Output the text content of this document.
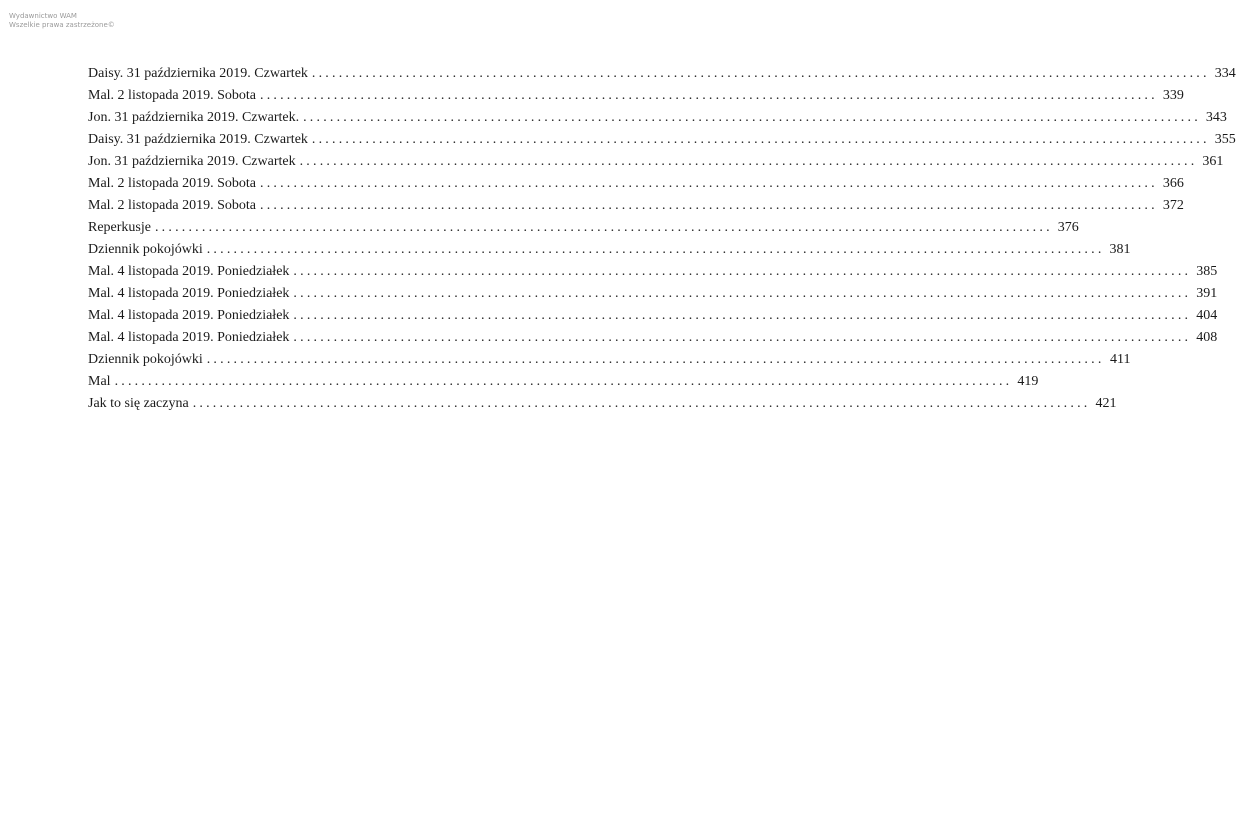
Wydawnictwo WAM
Wszelkie prawa zastrzeżone©
Daisy. 31 października 2019. Czwartek ...................................................................................................................................... 334
Mal. 2 listopada 2019. Sobota ...................................................................................................................................... 339
Jon. 31 października 2019. Czwartek. ...................................................................................................................................... 343
Daisy. 31 października 2019. Czwartek ...................................................................................................................................... 355
Jon. 31 października 2019. Czwartek ...................................................................................................................................... 361
Mal. 2 listopada 2019. Sobota ...................................................................................................................................... 366
Mal. 2 listopada 2019. Sobota ...................................................................................................................................... 372
Reperkusje ...................................................................................................................................... 376
Dziennik pokojówki ...................................................................................................................................... 381
Mal. 4 listopada 2019. Poniedziałek ...................................................................................................................................... 385
Mal. 4 listopada 2019. Poniedziałek ...................................................................................................................................... 391
Mal. 4 listopada 2019. Poniedziałek ...................................................................................................................................... 404
Mal. 4 listopada 2019. Poniedziałek ...................................................................................................................................... 408
Dziennik pokojówki ...................................................................................................................................... 411
Mal ...................................................................................................................................... 419
Jak to się zaczyna ...................................................................................................................................... 421
